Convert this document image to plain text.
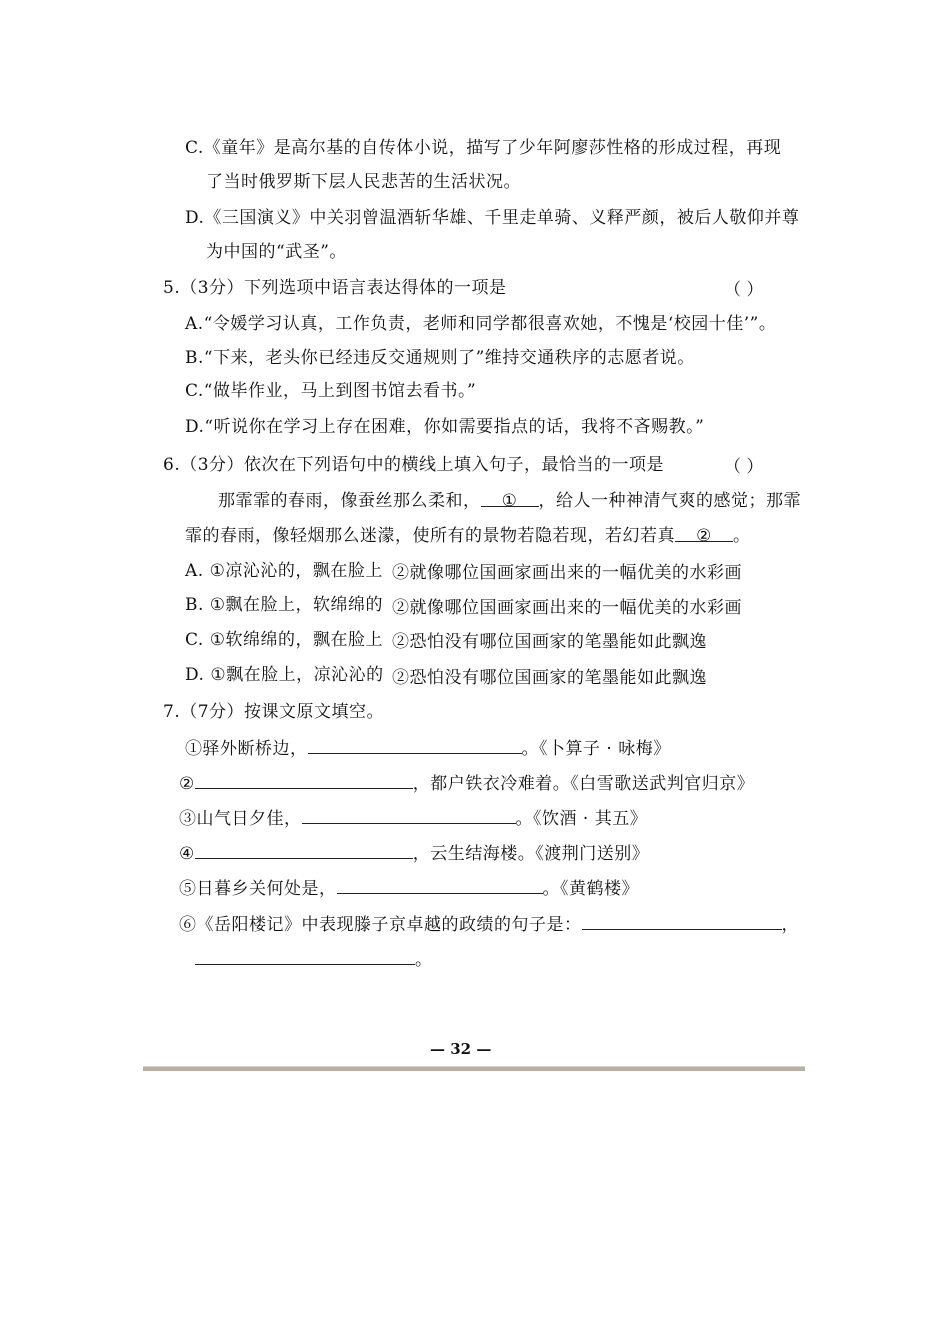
C.《童年》是高尔基的自传体小说，描写了少年阿廖莎性格的形成过程，再现
了当时俄罗斯下层人民悲苦的生活状况。
D.《三国演义》中关羽曾温酒斩华雄、千里走单骑、义释严颜，被后人敬仰并尊
为中国的“武圣”。
5.（3分）下列选项中语言表达得体的一项是	（ ）
A.“令媛学习认真，工作负责，老师和同学都很喜欢她，不愧是‘校园十佳’”。
B.“下来，老头你已经违反交通规则了”维持交通秩序的志愿者说。
C.“做毕作业，马上到图书馆去看书。”
D.“听说你在学习上存在困难，你如需要指点的话，我将不吝赐教。”
6.（3分）依次在下列语句中的横线上填入句子，最恰当的一项是	（ ）
那霏霏的春雨，像蚕丝那么柔和， ① ，给人一种神清气爽的感觉；那霏
霏的春雨，像轻烟那么迷濛，使所有的景物若隐若现，若幻若真 ② 。
A. ①凉沁沁的，飘在脸上 ②就像哪位国画家画出来的一幅优美的水彩画
B. ①飘在脸上，软绵绵的 ②就像哪位国画家画出来的一幅优美的水彩画
C. ①软绵绵的，飘在脸上 ②恐怕没有哪位国画家的笔墨能如此飘逸
D. ①飘在脸上，凉沁沁的 ②恐怕没有哪位国画家的笔墨能如此飘逸
7.（7分）按课文原文填空。
①驿外断桥边，	。《卜算子 · 咏梅》
②	，都户铁衣冷难着。《白雪歌送武判官归京》
③山气日夕佳，	。《饮酒 · 其五》
④	，云生结海楼。《渡荆门送别》
⑤日暮乡关何处是，	。《黄鹤楼》
⑥《岳阳楼记》中表现滕子京卓越的政绩的句子是：	，
。
— 32 —
